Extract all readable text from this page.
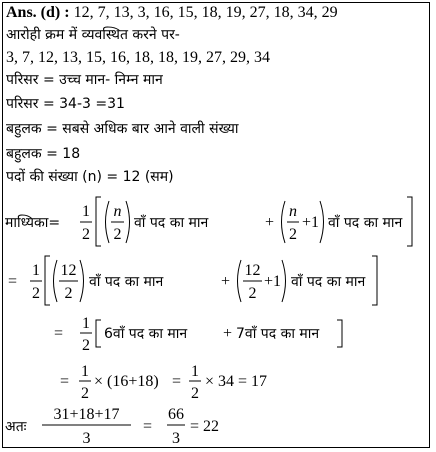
Ans. (d) : 12, 7, 13, 3, 16, 15, 18, 19, 27, 18, 34, 29
आरोही क्रम में व्यवस्थित करने पर-
3, 7, 12, 13, 15, 16, 18, 18, 19, 27, 29, 34
परिसर = उच्च मान- निम्न मान
परिसर = 34-3 =31
बहुलक = सबसे अधिक बार आने वाली संख्या
बहुलक = 18
पदों की संख्या (n) = 12 (सम)
माध्यिका=
1
2
n
2
वाँ पद का मान	+
n
2
+1 वाँ पद का मान
=
1
2
12
2
वाँ पद का मान	+
12
2
+1 वाँ पद का मान
=
1
2
6वाँ पद का मान + 7वाँ पद का मान
=
1
2
× (16+18) =
1
2
× 34 = 17
अतः
31+18+17
3
=
66
3
= 22
